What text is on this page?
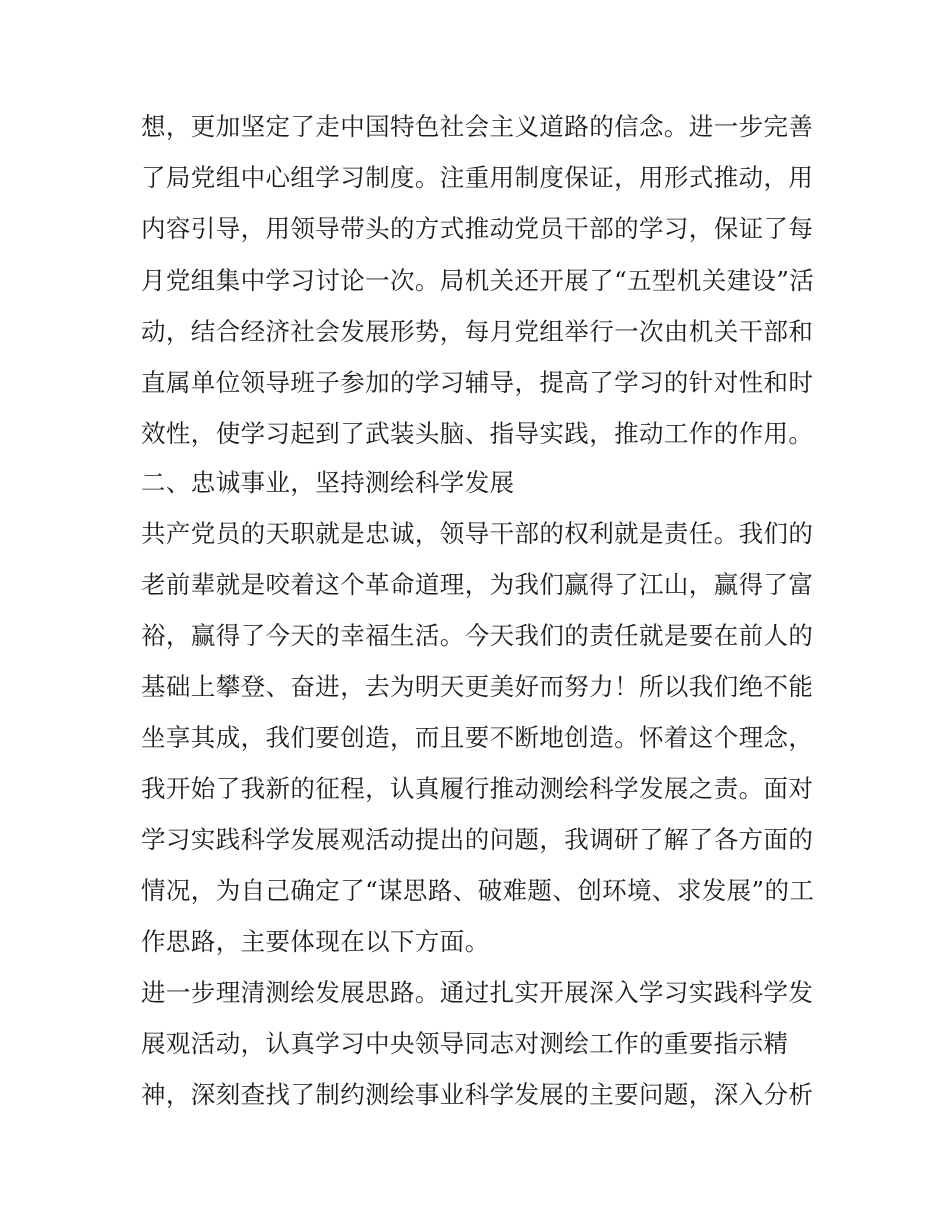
想，更加坚定了走中国特色社会主义道路的信念。进一步完善
了局党组中心组学习制度。注重用制度保证，用形式推动，用
内容引导，用领导带头的方式推动党员干部的学习，保证了每
月党组集中学习讨论一次。局机关还开展了“五型机关建设”活
动，结合经济社会发展形势，每月党组举行一次由机关干部和
直属单位领导班子参加的学习辅导，提高了学习的针对性和时
效性，使学习起到了武装头脑、指导实践，推动工作的作用。
二、忠诚事业，坚持测绘科学发展
共产党员的天职就是忠诚，领导干部的权利就是责任。我们的
老前辈就是咬着这个革命道理，为我们赢得了江山，赢得了富
裕，赢得了今天的幸福生活。今天我们的责任就是要在前人的
基础上攀登、奋进，去为明天更美好而努力！所以我们绝不能
坐享其成，我们要创造，而且要不断地创造。怀着这个理念，
我开始了我新的征程，认真履行推动测绘科学发展之责。面对
学习实践科学发展观活动提出的问题，我调研了解了各方面的
情况，为自己确定了“谋思路、破难题、创环境、求发展”的工
作思路，主要体现在以下方面。
进一步理清测绘发展思路。通过扎实开展深入学习实践科学发
展观活动，认真学习中央领导同志对测绘工作的重要指示精
神，深刻查找了制约测绘事业科学发展的主要问题，深入分析
